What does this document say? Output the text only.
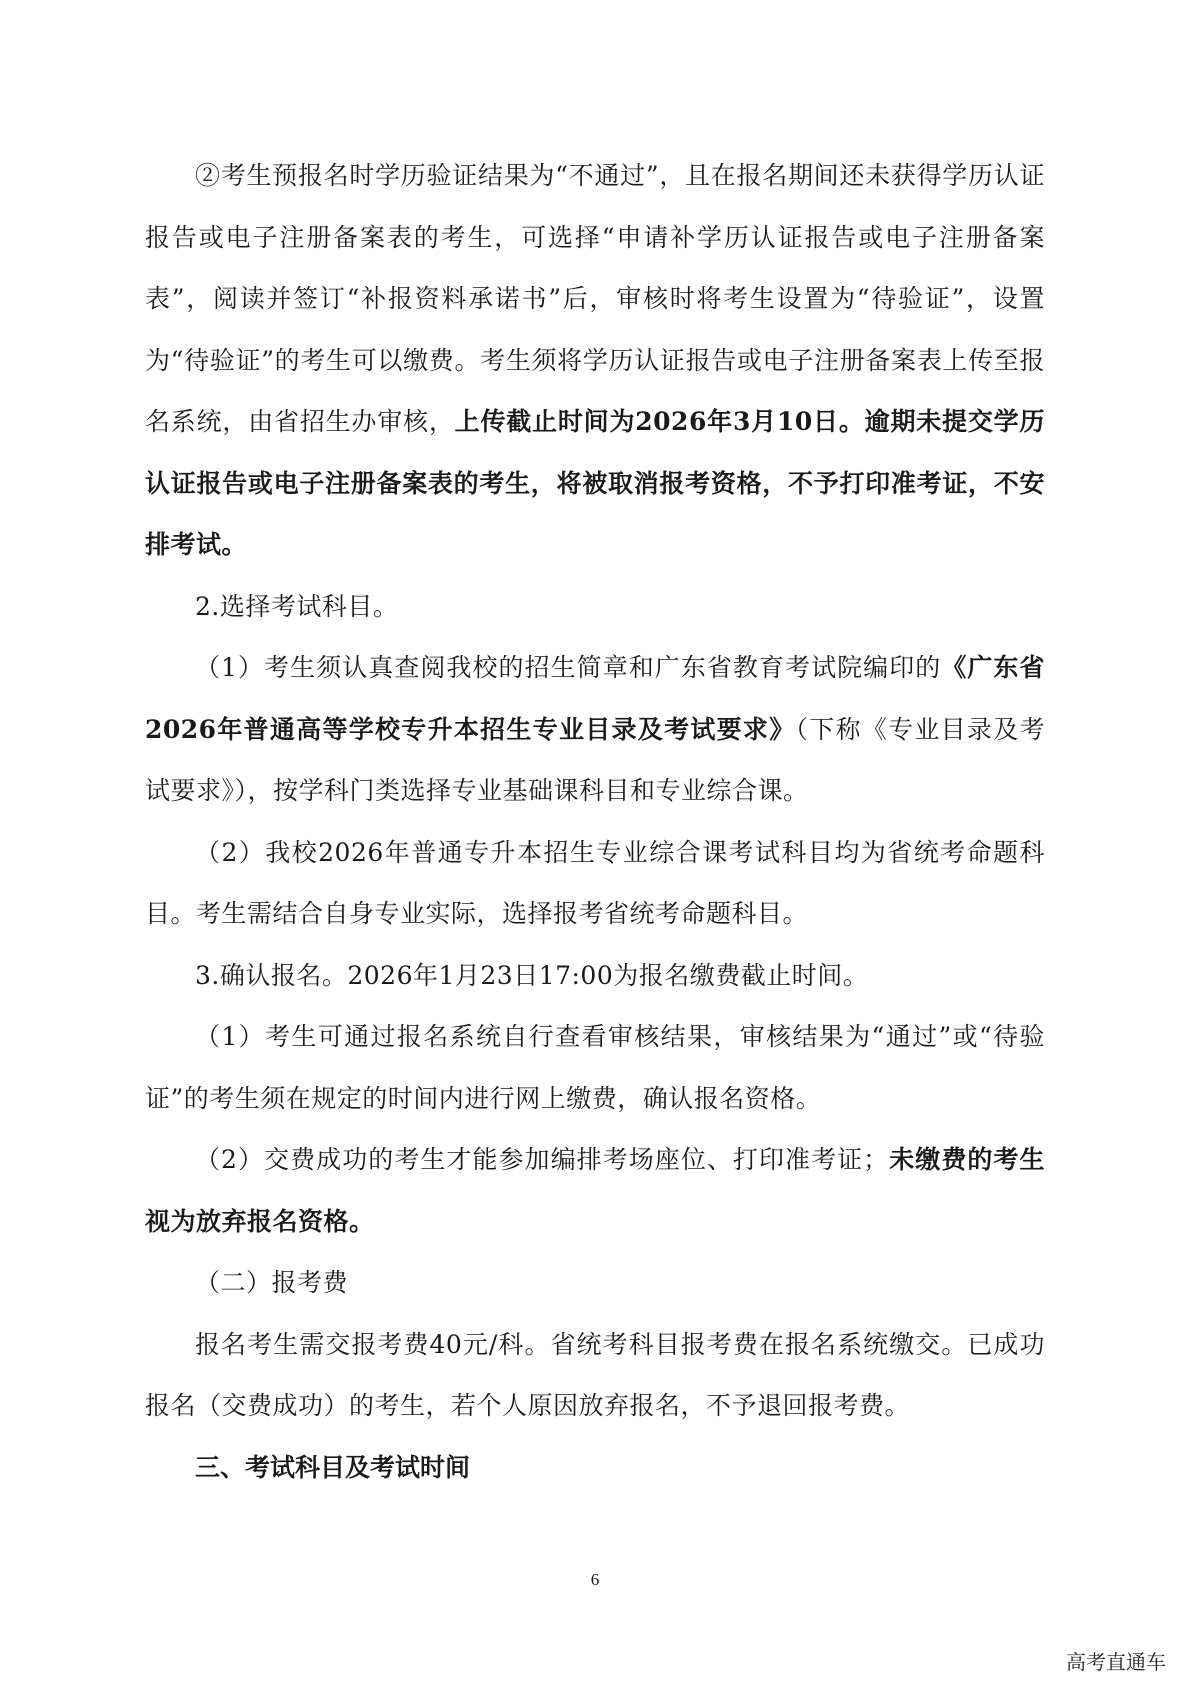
②考生预报名时学历验证结果为“不通过”，且在报名期间还未获得学历认证报告或电子注册备案表的考生，可选择“申请补学历认证报告或电子注册备案表”，阅读并签订“补报资料承诺书”后，审核时将考生设置为“待验证”，设置为“待验证”的考生可以缴费。考生须将学历认证报告或电子注册备案表上传至报名系统，由省招生办审核，上传截止时间为2026年3月10日。逾期未提交学历认证报告或电子注册备案表的考生，将被取消报考资格，不予打印准考证，不安排考试。

2.选择考试科目。

（1）考生须认真查阅我校的招生简章和广东省教育考试院编印的《广东省2026年普通高等学校专升本招生专业目录及考试要求》（下称《专业目录及考试要求》），按学科门类选择专业基础课科目和专业综合课。

（2）我校2026年普通专升本招生专业综合课考试科目均为省统考命题科目。考生需结合自身专业实际，选择报考省统考命题科目。

3.确认报名。2026年1月23日17:00为报名缴费截止时间。

（1）考生可通过报名系统自行查看审核结果，审核结果为“通过”或“待验证”的考生须在规定的时间内进行网上缴费，确认报名资格。

（2）交费成功的考生才能参加编排考场座位、打印准考证；未缴费的考生视为放弃报名资格。

（二）报考费

报名考生需交报考费40元/科。省统考科目报考费在报名系统缴交。已成功报名（交费成功）的考生，若个人原因放弃报名，不予退回报考费。

三、考试科目及考试时间

6
高考直通车
